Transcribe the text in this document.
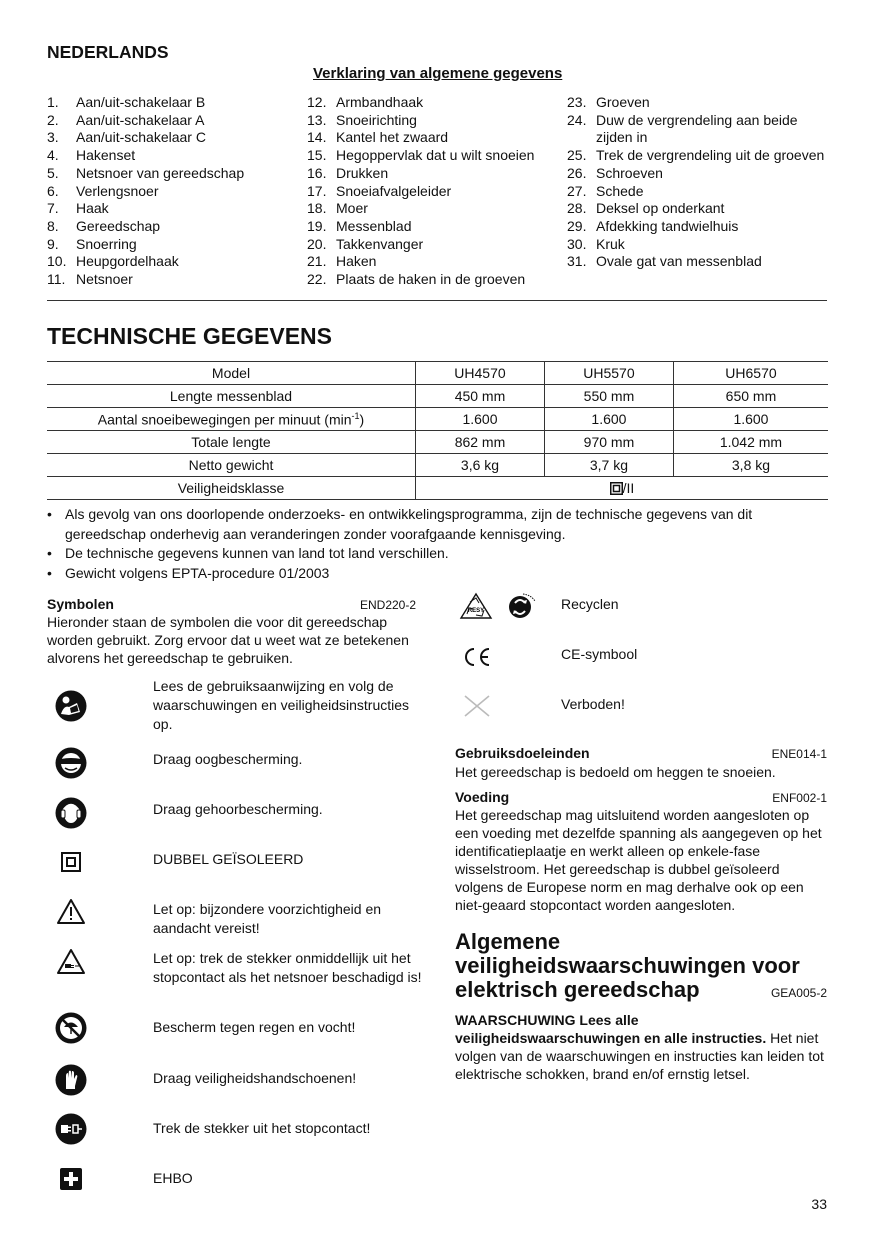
NEDERLANDS
Verklaring van algemene gegevens
1. Aan/uit-schakelaar B
2. Aan/uit-schakelaar A
3. Aan/uit-schakelaar C
4. Hakenset
5. Netsnoer van gereedschap
6. Verlengsnoer
7. Haak
8. Gereedschap
9. Snoerring
10. Heupgordelhaak
11. Netsnoer
12. Armbandhaak
13. Snoeirichting
14. Kantel het zwaard
15. Hegoppervlak dat u wilt snoeien
16. Drukken
17. Snoeiafvalgeleider
18. Moer
19. Messenblad
20. Takkenvanger
21. Haken
22. Plaats de haken in de groeven
23. Groeven
24. Duw de vergrendeling aan beide zijden in
25. Trek de vergrendeling uit de groeven
26. Schroeven
27. Schede
28. Deksel op onderkant
29. Afdekking tandwielhuis
30. Kruk
31. Ovale gat van messenblad
TECHNISCHE GEGEVENS
Model	UH4570	UH5570	UH6570
Lengte messenblad	450 mm	550 mm	650 mm
Aantal snoeibewegingen per minuut $(\min^{-1})$	1.600	1.600	1.600
Totale lengte	862 mm	970 mm	1.042 mm
Netto gewicht	3,6 kg	3,7 kg	3,8 kg
Veiligheidsklasse	/II		
• Als gevolg van ons doorlopende onderzoeks- en ontwikkelingsprogramma, zijn de technische gegevens van dit gereedschap onderhevig aan veranderingen zonder voorafgaande kennisgeving.
• De technische gegevens kunnen van land tot land verschillen.
• Gewicht volgens EPTA-procedure 01/2003
Symbolen	END220-2
Hieronder staan de symbolen die voor dit gereedschap worden gebruikt. Zorg ervoor dat u weet wat ze betekenen alvorens het gereedschap te gebruiken.
Lees de gebruiksaanwijzing en volg de waarschuwingen en veiligheidsinstructies op.
Draag oogbescherming.
Draag gehoorbescherming.
DUBBEL GEÏSOLEERD
Let op: bijzondere voorzichtigheid en aandacht vereist!
Let op: trek de stekker onmiddellijk uit het stopcontact als het netsnoer beschadigd is!
Bescherm tegen regen en vocht!
Draag veiligheidshandschoenen!
Trek de stekker uit het stopcontact!
EHBO
RESY	Recyclen
CE-symbool
Verboden!
Gebruiksdoeleinden	ENE014-1
Het gereedschap is bedoeld om heggen te snoeien.
Voeding	ENF002-1
Het gereedschap mag uitsluitend worden aangesloten op een voeding met dezelfde spanning als aangegeven op het identificatieplaatje en werkt alleen op enkele-fase wisselstroom. Het gereedschap is dubbel geïsoleerd volgens de Europese norm en mag derhalve ook op een niet-geaard stopcontact worden aangesloten.
Algemene
veiligheidswaarschuwingen voor
elektrisch gereedschap	GEA005-2
WAARSCHUWING Lees alle veiligheidswaarschuwingen en alle instructies. Het niet volgen van de waarschuwingen en instructies kan leiden tot elektrische schokken, brand en/of ernstig letsel.
33
